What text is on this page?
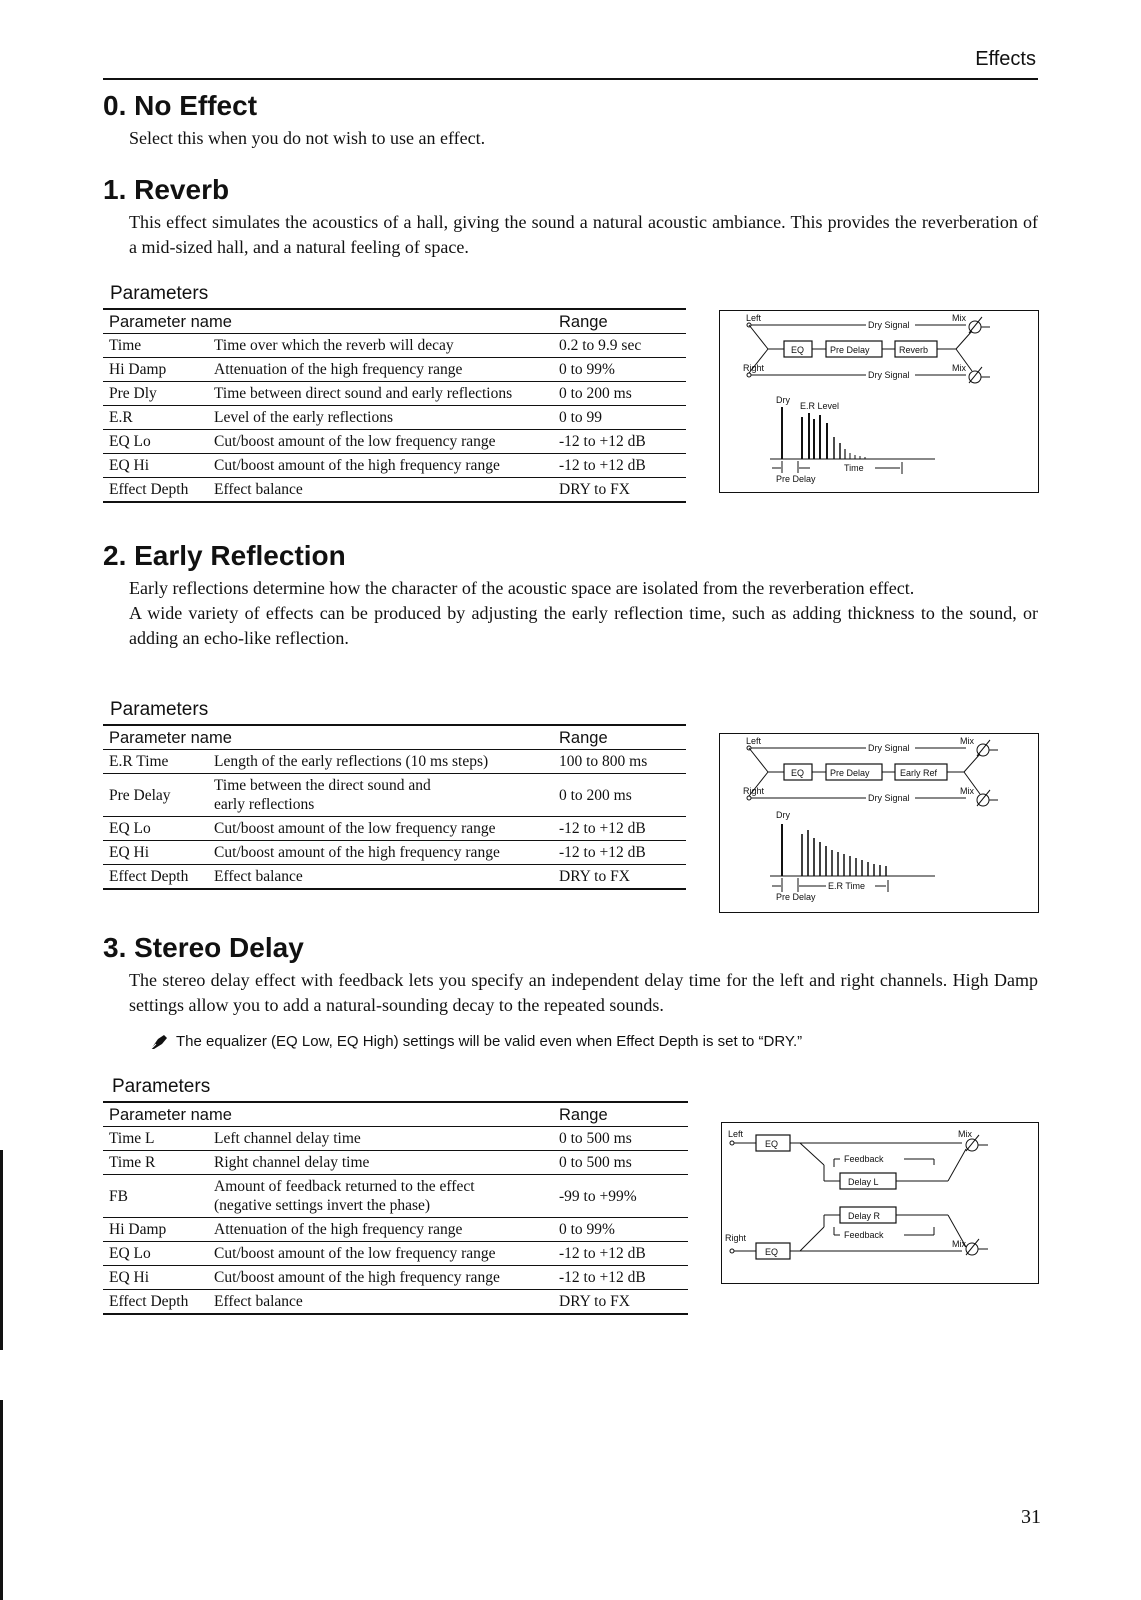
Effects
0. No Effect

Select this when you do not wish to use an effect.

1. Reverb

This effect simulates the acoustics of a hall, giving the sound a natural acoustic ambiance. This provides the reverberation of a mid-sized hall, and a natural feeling of space.

Parameters
Parameter name		Range
Time	Time over which the reverb will decay	0.2 to 9.9 sec
Hi Damp	Attenuation of the high frequency range	0 to 99%
Pre Dly	Time between direct sound and early reflections	0 to 200 ms
E.R	Level of the early reflections	0 to 99
EQ Lo	Cut/boost amount of the low frequency range	-12 to +12 dB
EQ Hi	Cut/boost amount of the high frequency range	-12 to +12 dB
Effect Depth	Effect balance	DRY to FX
Left
Dry Signal
Mix
EQ	Pre Delay	Reverb
Right
Dry Signal
Mix
Dry
E.R Level
Pre Delay
Time
2. Early Reflection

Early reflections determine how the character of the acoustic space are isolated from the reverberation effect.

A wide variety of effects can be produced by adjusting the early reflection time, such as adding thickness to the sound, or adding an echo-like reflection.

Parameters
Parameter name		Range
E.R Time	Length of the early reflections (10 ms steps)	100 to 800 ms
Pre Delay	Time between the direct sound and early reflections	0 to 200 ms
EQ Lo	Cut/boost amount of the low frequency range	-12 to +12 dB
EQ Hi	Cut/boost amount of the high frequency range	-12 to +12 dB
Effect Depth	Effect balance	DRY to FX
Left
Dry Signal
Mix
EQ	Pre Delay	Early Ref
Right
Dry Signal
Mix
Dry
Pre Delay
E.R Time
3. Stereo Delay

The stereo delay effect with feedback lets you specify an independent delay time for the left and right channels. High Damp settings allow you to add a natural-sounding decay to the repeated sounds.

The equalizer (EQ Low, EQ High) settings will be valid even when Effect Depth is set to “DRY.”
Parameters
Parameter name		Range
Time L	Left channel delay time	0 to 500 ms
Time R	Right channel delay time	0 to 500 ms
FB	Amount of feedback returned to the effect (negative settings invert the phase)	-99 to +99%
Hi Damp	Attenuation of the high frequency range	0 to 99%
EQ Lo	Cut/boost amount of the low frequency range	-12 to +12 dB
EQ Hi	Cut/boost amount of the high frequency range	-12 to +12 dB
Effect Depth	Effect balance	DRY to FX
Left
EQ
Mix
Feedback
Delay L
Delay R
Feedback
Right
EQ
Mix
31
